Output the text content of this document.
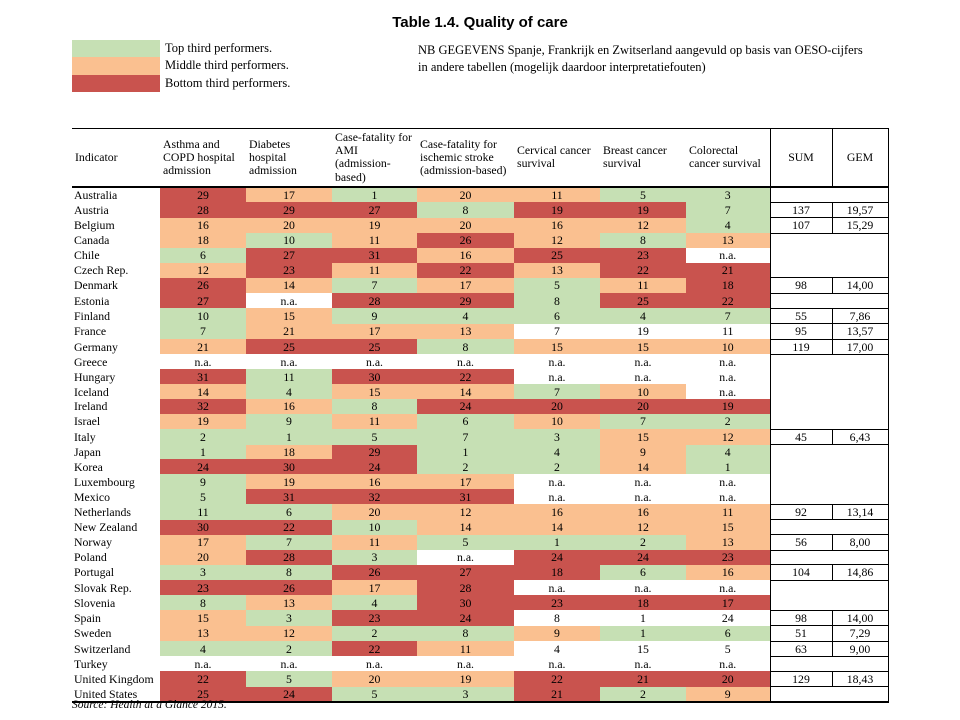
Table 1.4. Quality of care
Top third performers.
Middle third performers.
Bottom third performers.
NB GEGEVENS Spanje, Frankrijk en Zwitserland aangevuld op basis van OESO-cijfers
in andere tabellen (mogelijk daardoor interpretatiefouten)
Indicator	Asthma and COPD hospital admission	Diabetes hospital admission	Case-fatality for AMI (admission-based)	Case-fatality for ischemic stroke (admission-based)	Cervical cancer survival	Breast cancer survival	Colorectal cancer survival	SUM	GEM
Australia	29	17	1	20	11	5	3		
Austria	28	29	27	8	19	19	7	137	19,57
Belgium	16	20	19	20	16	12	4	107	15,29
Canada	18	10	11	26	12	8	13		
Chile	6	27	31	16	25	23	n.a.		
Czech Rep.	12	23	11	22	13	22	21		
Denmark	26	14	7	17	5	11	18	98	14,00
Estonia	27	n.a.	28	29	8	25	22		
Finland	10	15	9	4	6	4	7	55	7,86
France	7	21	17	13	7	19	11	95	13,57
Germany	21	25	25	8	15	15	10	119	17,00
Greece	n.a.	n.a.	n.a.	n.a.	n.a.	n.a.	n.a.		
Hungary	31	11	30	22	n.a.	n.a.	n.a.		
Iceland	14	4	15	14	7	10	n.a.		
Ireland	32	16	8	24	20	20	19		
Israel	19	9	11	6	10	7	2		
Italy	2	1	5	7	3	15	12	45	6,43
Japan	1	18	29	1	4	9	4		
Korea	24	30	24	2	2	14	1		
Luxembourg	9	19	16	17	n.a.	n.a.	n.a.		
Mexico	5	31	32	31	n.a.	n.a.	n.a.		
Netherlands	11	6	20	12	16	16	11	92	13,14
New Zealand	30	22	10	14	14	12	15		
Norway	17	7	11	5	1	2	13	56	8,00
Poland	20	28	3	n.a.	24	24	23		
Portugal	3	8	26	27	18	6	16	104	14,86
Slovak Rep.	23	26	17	28	n.a.	n.a.	n.a.		
Slovenia	8	13	4	30	23	18	17		
Spain	15	3	23	24	8	1	24	98	14,00
Sweden	13	12	2	8	9	1	6	51	7,29
Switzerland	4	2	22	11	4	15	5	63	9,00
Turkey	n.a.	n.a.	n.a.	n.a.	n.a.	n.a.	n.a.		
United Kingdom	22	5	20	19	22	21	20	129	18,43
United States	25	24	5	3	21	2	9		
Source: Health at a Glance 2015.
